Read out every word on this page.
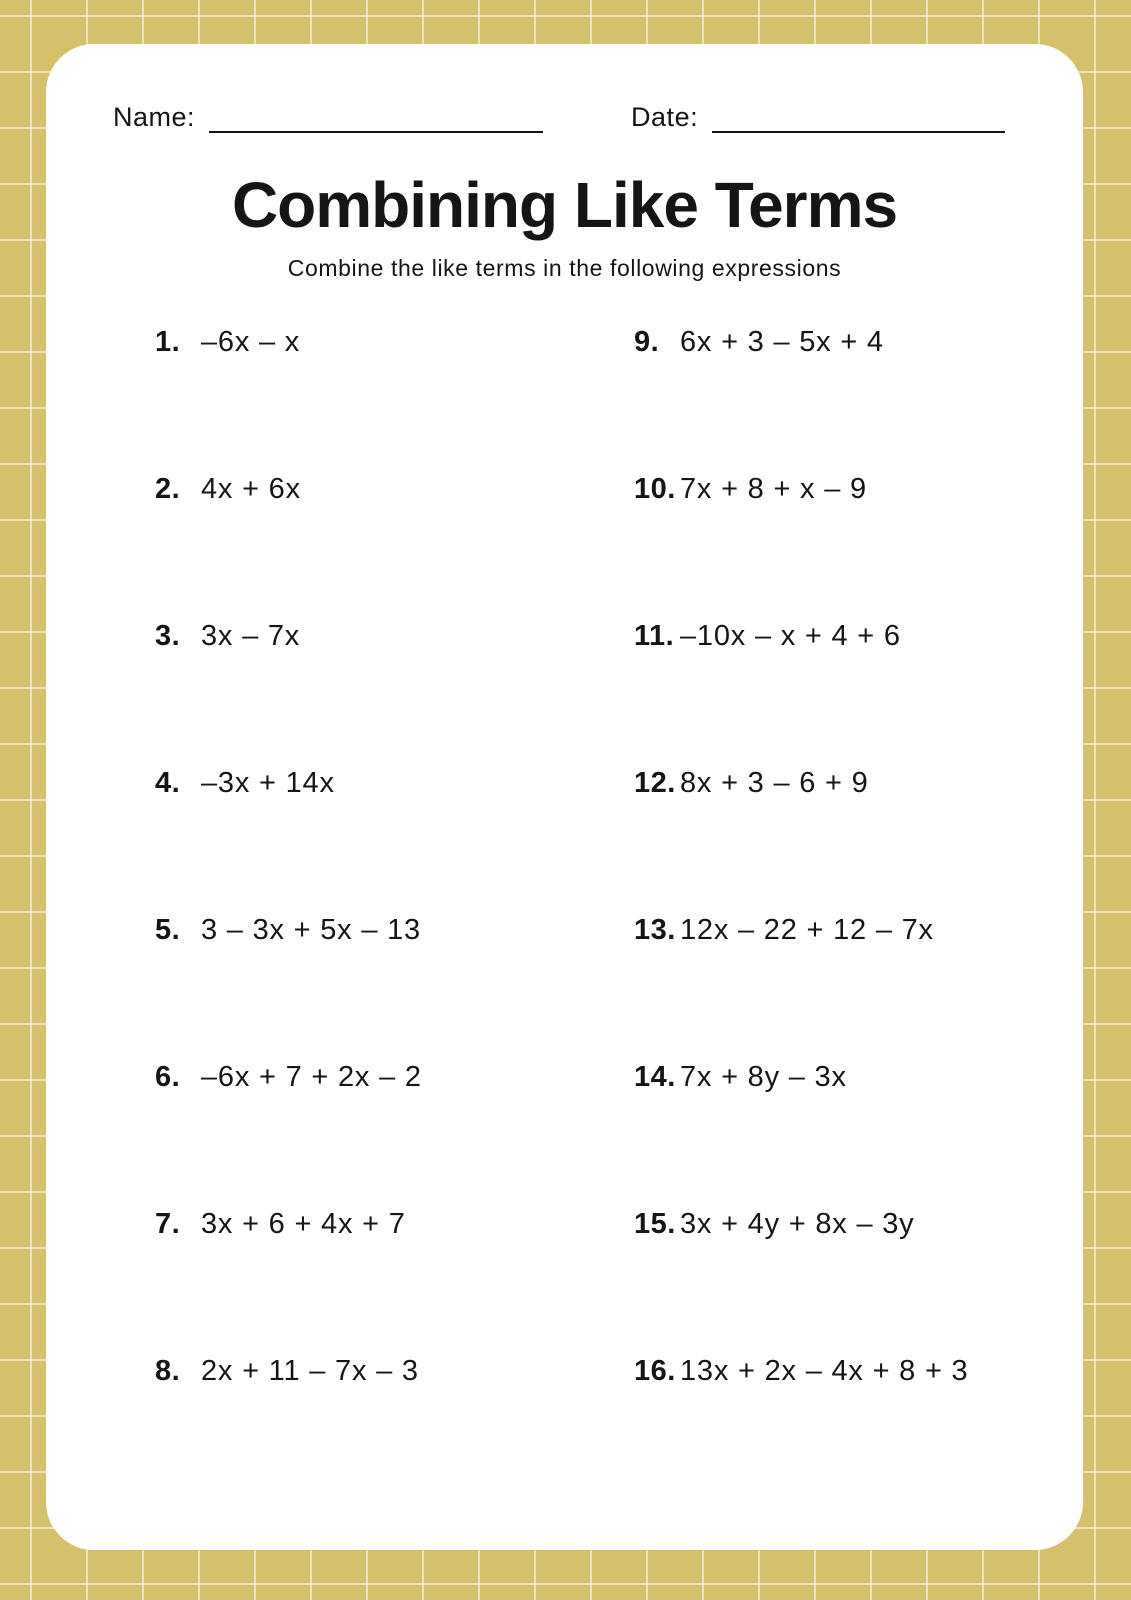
Name:	Date:
Combining Like Terms

Combine the like terms in the following expressions

1. –6x – x
2. 4x + 6x
3. 3x – 7x
4. –3x + 14x
5. 3 – 3x + 5x – 13
6. –6x + 7 + 2x – 2
7. 3x + 6 + 4x + 7
8. 2x + 11 – 7x – 3
9. 6x + 3 – 5x + 4
10. 7x + 8 + x – 9
11. –10x – x + 4 + 6
12. 8x + 3 – 6 + 9
13. 12x – 22 + 12 – 7x
14. 7x + 8y – 3x
15. 3x + 4y + 8x – 3y
16. 13x + 2x – 4x + 8 + 3
